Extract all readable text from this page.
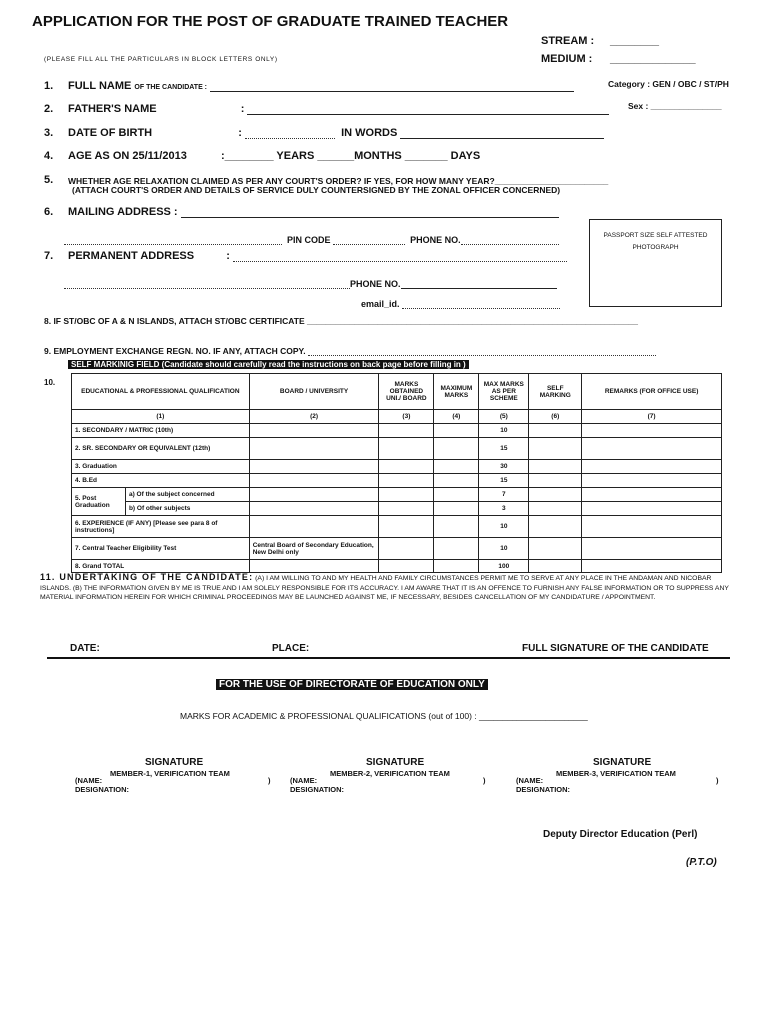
APPLICATION FOR THE POST OF GRADUATE TRAINED TEACHER
STREAM : ________
MEDIUM : ______________
(PLEASE FILL ALL THE PARTICULARS IN BLOCK LETTERS ONLY)
1. FULL NAME OF THE CANDIDATE :	Category : GEN / OBC / ST/PH
2. FATHER'S NAME	:	Sex : _______________
3. DATE OF BIRTH	:	IN WORDS
4. AGE AS ON 25/11/2013	:________ YEARS ______MONTHS _______ DAYS
5. WHETHER AGE RELAXATION CLAIMED AS PER ANY COURT'S ORDER? IF YES, FOR HOW MANY YEAR?________________________
(ATTACH COURT'S ORDER AND DETAILS OF SERVICE DULY COUNTERSIGNED BY THE ZONAL OFFICER CONCERNED)
6. MAILING ADDRESS :
PIN CODE	PHONE NO.	PASSPORT SIZE SELF ATTESTED PHOTOGRAPH
7. PERMANENT ADDRESS	:
PHONE NO.
email_id.
8. IF ST/OBC OF A & N ISLANDS, ATTACH ST/OBC CERTIFICATE ______________________________________________________________________
9. EMPLOYMENT EXCHANGE REGN. NO. IF ANY, ATTACH COPY.
SELF MARKINIG FIELD (Candidate should carefully read the instructions on back page before filling in )
10.
EDUCATIONAL & PROFESSIONAL QUALIFICATION		BOARD / UNIVERSITY	MARKS OBTAINED UNI./ BOARD	MAXIMUM MARKS	MAX MARKS AS PER SCHEME	SELF MARKING	REMARKS (FOR OFFICE USE)
(1)		(2)	(3)	(4)	(5)	(6)	(7)
1. SECONDARY / MATRIC (10th)					10		
2. SR. SECONDARY OR EQUIVALENT (12th)					15		
3. Graduation					30		
4. B.Ed					15		
5. Post Graduation	a) Of the subject concerned				7		
	b) Of other subjects				3		
6. EXPERIENCE (IF ANY) [Please see para 8 of instructions]					10		
7. Central Teacher Eligibility Test		Central Board of Secondary Education, New Delhi only			10		
8. Grand TOTAL					100		
11. UNDERTAKING OF THE CANDIDATE: (A) I AM WILLING TO AND MY HEALTH AND FAMILY CIRCUMSTANCES PERMIT ME TO SERVE AT ANY PLACE IN THE ANDAMAN AND NICOBAR ISLANDS. (B) THE INFORMATION GIVEN BY ME IS TRUE AND I AM SOLELY RESPONSIBLE FOR ITS ACCURACY. I AM AWARE THAT IT IS AN OFFENCE TO FURNISH ANY FALSE INFORMATION OR TO SUPPRESS ANY MATERIAL INFORMATION HEREIN FOR WHICH CRIMINAL PROCEEDINGS MAY BE LAUNCHED AGAINST ME, IF NECESSARY, BESIDES CANCELLATION OF MY CANDIDATURE / APPOINTMENT.
DATE:	PLACE:	FULL SIGNATURE OF THE CANDIDATE
FOR THE USE OF DIRECTORATE OF EDUCATION ONLY
MARKS FOR ACADEMIC & PROFESSIONAL QUALIFICATIONS (out of 100) : _______________________
SIGNATURE
MEMBER-1, VERIFICATION TEAM
(NAME:	)
DESIGNATION:
SIGNATURE
MEMBER-2, VERIFICATION TEAM
(NAME:	)
DESIGNATION:
SIGNATURE
MEMBER-3, VERIFICATION TEAM
(NAME:	)
DESIGNATION:
Deputy Director Education (Perl)
(P.T.O)
